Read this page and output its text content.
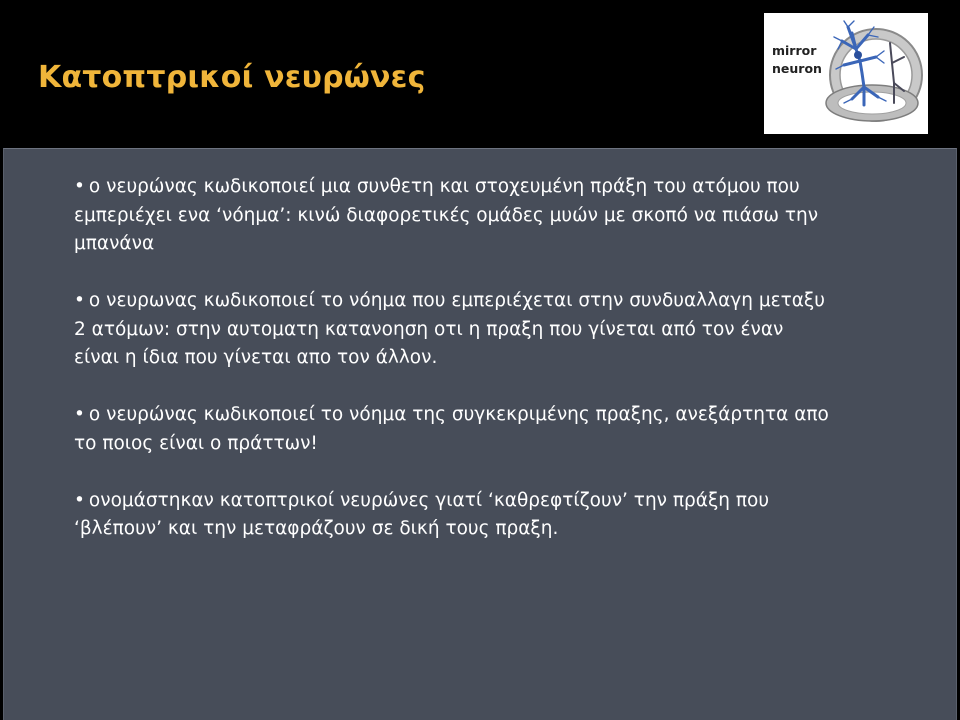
Κατοπτρικοί νευρώνες
mirror
neuron
• ο νευρώνας κωδικοποιεί μια συνθετη και στοχευμένη πράξη του ατόμου που εμπεριέχει ενα ‘νόημα’: κινώ διαφορετικές ομάδες μυών με σκοπό να πιάσω την μπανάνα
• ο νευρωνας κωδικοποιεί το νόημα που εμπεριέχεται στην συνδυαλλαγη μεταξυ 2 ατόμων: στην αυτοματη κατανοηση οτι η πραξη που γίνεται από τον έναν είναι η ίδια που γίνεται απο τον άλλον.
• ο νευρώνας κωδικοποιεί το νόημα της συγκεκριμένης πραξης, ανεξάρτητα απο το ποιος είναι ο πράττων!
• ονομάστηκαν κατοπτρικοί νευρώνες γιατί ‘καθρεφτίζουν’ την πράξη που ‘βλέπουν’ και την μεταφράζουν σε δική τους πραξη.
